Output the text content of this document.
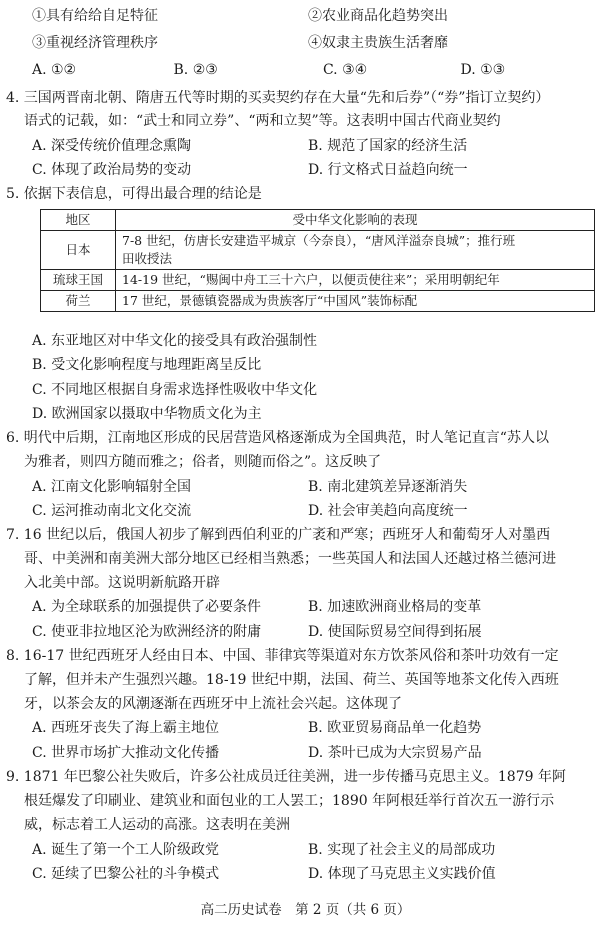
①具有给给自足特征	②农业商品化趋势突出
③重视经济管理秩序	④奴隶主贵族生活奢靡
A. ①②	B. ②③	C. ③④	D. ①③
4. 三国两晋南北朝、隋唐五代等时期的买卖契约存在大量“先和后券”（“券”指订立契约）
语式的记载，如：“武士和同立券”、“两和立契”等。这表明中国古代商业契约
A. 深受传统价值理念熏陶	B. 规范了国家的经济生活
C. 体现了政治局势的变动	D. 行文格式日益趋向统一
5. 依据下表信息，可得出最合理的结论是
地区	受中华文化影响的表现
日本	7-8 世纪，仿唐长安建造平城京（今奈良），“唐风洋溢奈良城”；推行班
田收授法

琉球王国	14-19 世纪，“赐闽中舟工三十六户，以便贡使往来”；采用明朝纪年
荷兰	17 世纪，景德镇瓷器成为贵族客厅“中国风”装饰标配
A. 东亚地区对中华文化的接受具有政治强制性
B. 受文化影响程度与地理距离呈反比
C. 不同地区根据自身需求选择性吸收中华文化
D. 欧洲国家以摄取中华物质文化为主
6. 明代中后期，江南地区形成的民居营造风格逐渐成为全国典范，时人笔记直言“苏人以
为雅者，则四方随而雅之；俗者，则随而俗之”。这反映了
A. 江南文化影响辐射全国	B. 南北建筑差异逐渐消失
C. 运河推动南北文化交流	D. 社会审美趋向高度统一
7. 16 世纪以后，俄国人初步了解到西伯利亚的广袤和严寒；西班牙人和葡萄牙人对墨西
哥、中美洲和南美洲大部分地区已经相当熟悉；一些英国人和法国人还越过格兰德河进
入北美中部。这说明新航路开辟
A. 为全球联系的加强提供了必要条件	B. 加速欧洲商业格局的变革
C. 使亚非拉地区沦为欧洲经济的附庸	D. 使国际贸易空间得到拓展
8. 16-17 世纪西班牙人经由日本、中国、菲律宾等渠道对东方饮茶风俗和茶叶功效有一定
了解，但并未产生强烈兴趣。18-19 世纪中期，法国、荷兰、英国等地茶文化传入西班
牙，以茶会友的风潮逐渐在西班牙中上流社会兴起。这体现了
A. 西班牙丧失了海上霸主地位	B. 欧亚贸易商品单一化趋势
C. 世界市场扩大推动文化传播	D. 茶叶已成为大宗贸易产品
9. 1871 年巴黎公社失败后，许多公社成员迁往美洲，进一步传播马克思主义。1879 年阿
根廷爆发了印刷业、建筑业和面包业的工人罢工；1890 年阿根廷举行首次五一游行示
威，标志着工人运动的高涨。这表明在美洲
A. 诞生了第一个工人阶级政党	B. 实现了社会主义的局部成功
C. 延续了巴黎公社的斗争模式	D. 体现了马克思主义实践价值
高二历史试卷　第 2 页（共 6 页）
